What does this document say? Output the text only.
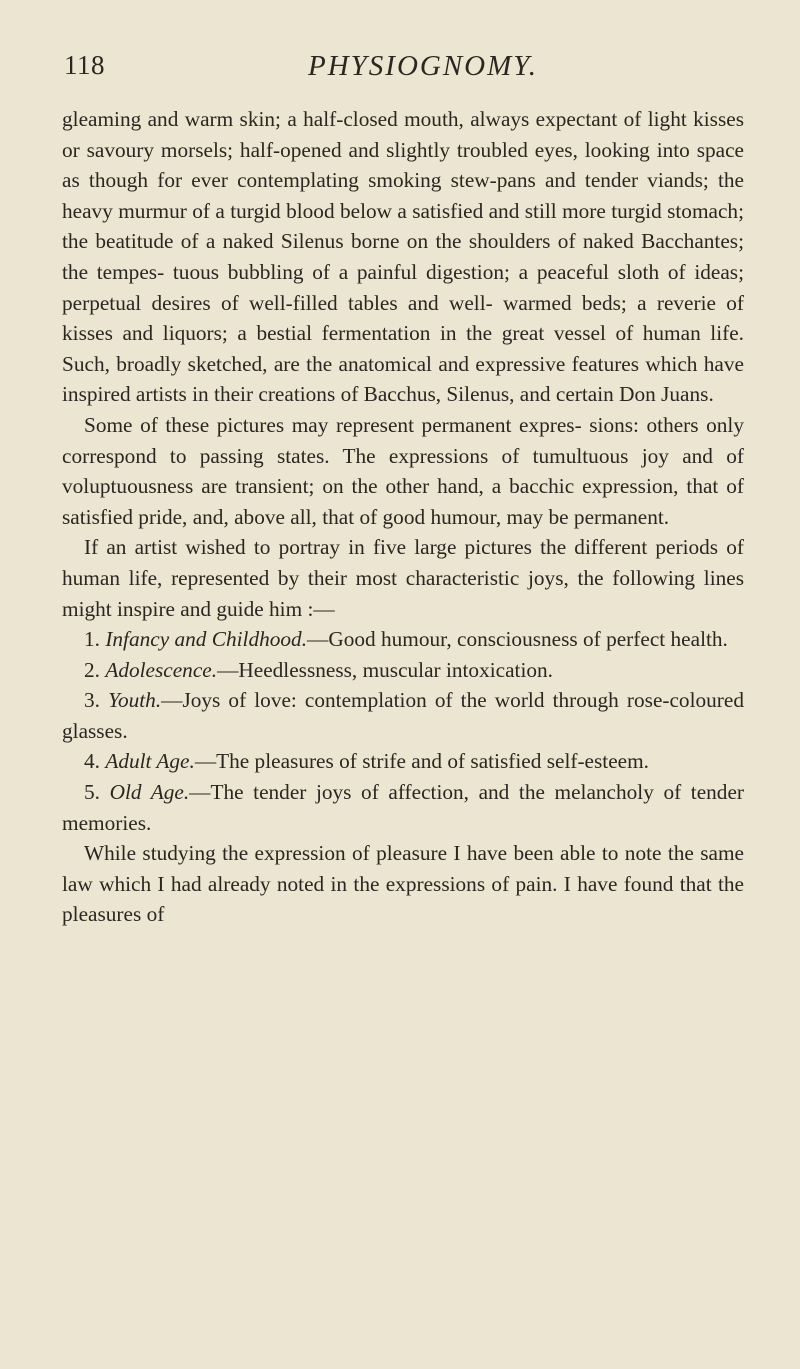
118	PHYSIOGNOMY.

gleaming and warm skin; a half-closed mouth, always expectant of light kisses or savoury morsels; half-opened and slightly troubled eyes, looking into space as though for ever contemplating smoking stew-pans and tender viands; the heavy murmur of a turgid blood below a satisfied and still more turgid stomach; the beatitude of a naked Silenus borne on the shoulders of naked Bacchantes; the tempes- tuous bubbling of a painful digestion; a peaceful sloth of ideas; perpetual desires of well-filled tables and well- warmed beds; a reverie of kisses and liquors; a bestial fermentation in the great vessel of human life. Such, broadly sketched, are the anatomical and expressive features which have inspired artists in their creations of Bacchus, Silenus, and certain Don Juans.

Some of these pictures may represent permanent expres- sions: others only correspond to passing states. The expressions of tumultuous joy and of voluptuousness are transient; on the other hand, a bacchic expression, that of satisfied pride, and, above all, that of good humour, may be permanent.

If an artist wished to portray in five large pictures the different periods of human life, represented by their most characteristic joys, the following lines might inspire and guide him :—

1. Infancy and Childhood.—Good humour, consciousness of perfect health.

2. Adolescence.—Heedlessness, muscular intoxication.

3. Youth.—Joys of love: contemplation of the world through rose-coloured glasses.

4. Adult Age.—The pleasures of strife and of satisfied self-esteem.

5. Old Age.—The tender joys of affection, and the melancholy of tender memories.

While studying the expression of pleasure I have been able to note the same law which I had already noted in the expressions of pain. I have found that the pleasures of
